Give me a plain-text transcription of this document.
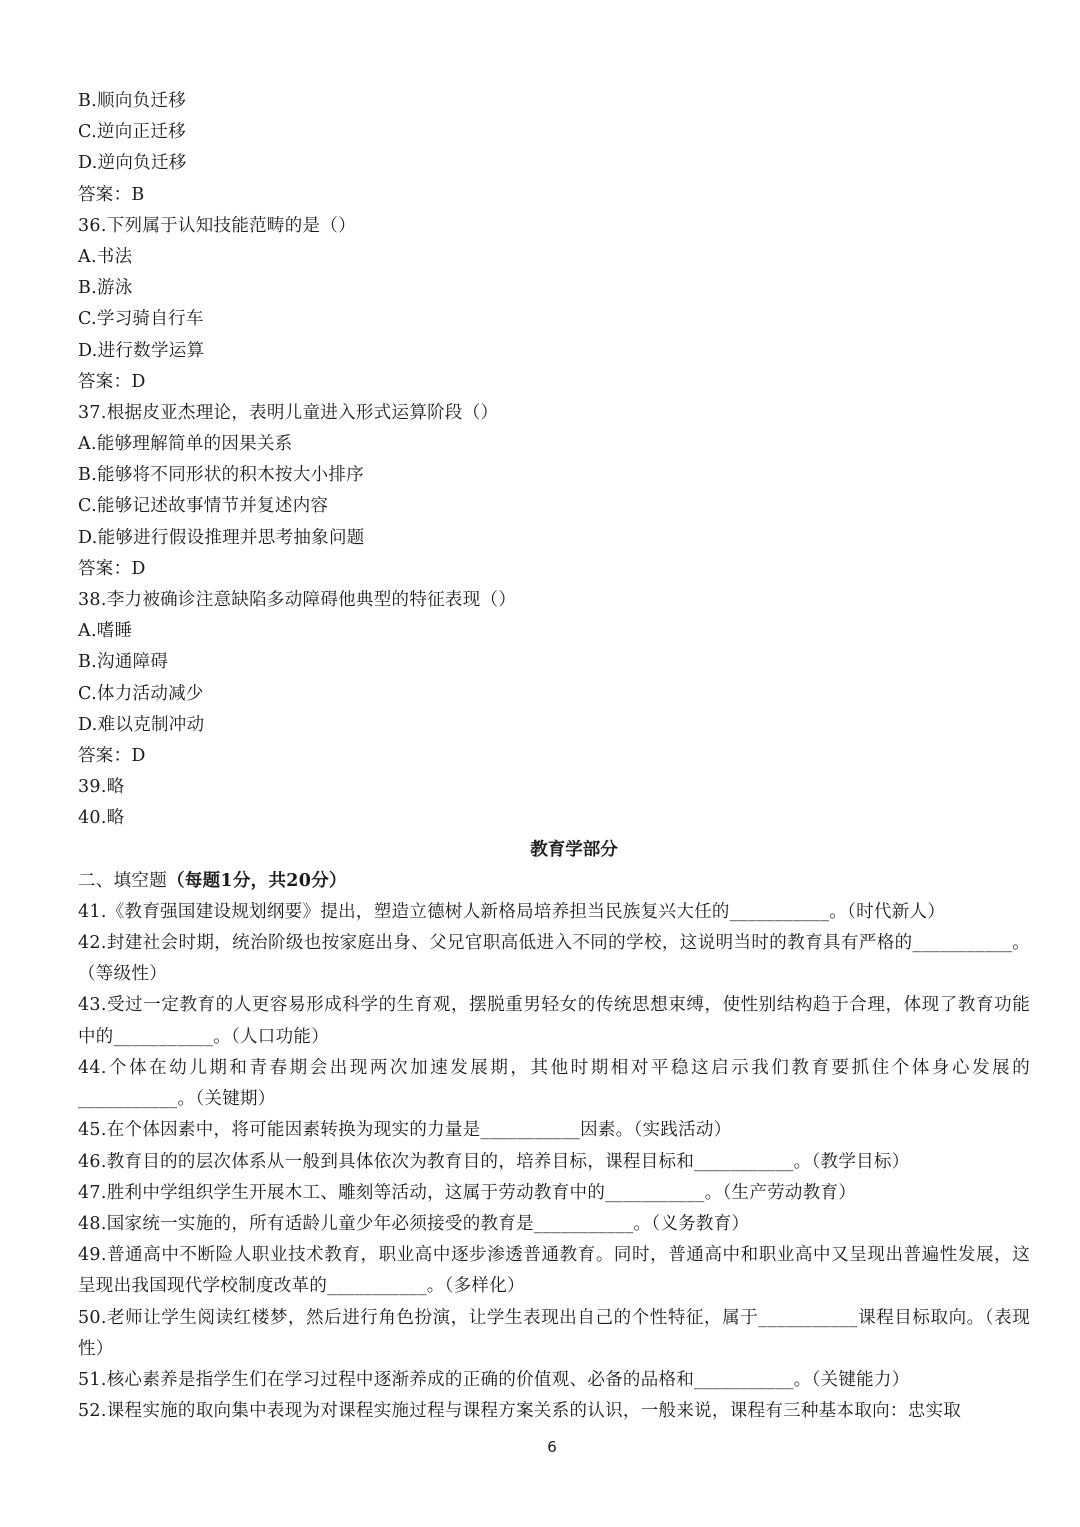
B.顺向负迁移
C.逆向正迁移
D.逆向负迁移
答案：B
36.下列属于认知技能范畴的是（）
A.书法
B.游泳
C.学习骑自行车
D.进行数学运算
答案：D
37.根据皮亚杰理论，表明儿童进入形式运算阶段（）
A.能够理解简单的因果关系
B.能够将不同形状的积木按大小排序
C.能够记述故事情节并复述内容
D.能够进行假设推理并思考抽象问题
答案：D
38.李力被确诊注意缺陷多动障碍他典型的特征表现（）
A.嗜睡
B.沟通障碍
C.体力活动减少
D.难以克制冲动
答案：D
39.略
40.略
教育学部分
二、填空题（每题1分，共20分）
41.《教育强国建设规划纲要》提出，塑造立德树人新格局培养担当民族复兴大任的___________。（时代新人）
42.封建社会时期，统治阶级也按家庭出身、父兄官职高低进入不同的学校，这说明当时的教育具有严格的___________。（等级性）
43.受过一定教育的人更容易形成科学的生育观，摆脱重男轻女的传统思想束缚，使性别结构趋于合理，体现了教育功能中的___________。（人口功能）
44.个体在幼儿期和青春期会出现两次加速发展期，其他时期相对平稳这启示我们教育要抓住个体身心发展的___________。（关键期）
45.在个体因素中，将可能因素转换为现实的力量是___________因素。（实践活动）
46.教育目的的层次体系从一般到具体依次为教育目的，培养目标，课程目标和___________。（教学目标）
47.胜利中学组织学生开展木工、雕刻等活动，这属于劳动教育中的___________。（生产劳动教育）
48.国家统一实施的，所有适龄儿童少年必须接受的教育是___________。（义务教育）
49.普通高中不断险人职业技术教育，职业高中逐步渗透普通教育。同时，普通高中和职业高中又呈现出普遍性发展，这呈现出我国现代学校制度改革的___________。（多样化）
50.老师让学生阅读红楼梦，然后进行角色扮演，让学生表现出自己的个性特征，属于___________课程目标取向。（表现性）
51.核心素养是指学生们在学习过程中逐渐养成的正确的价值观、必备的品格和___________。（关键能力）
52.课程实施的取向集中表现为对课程实施过程与课程方案关系的认识，一般来说，课程有三种基本取向：忠实取
6
